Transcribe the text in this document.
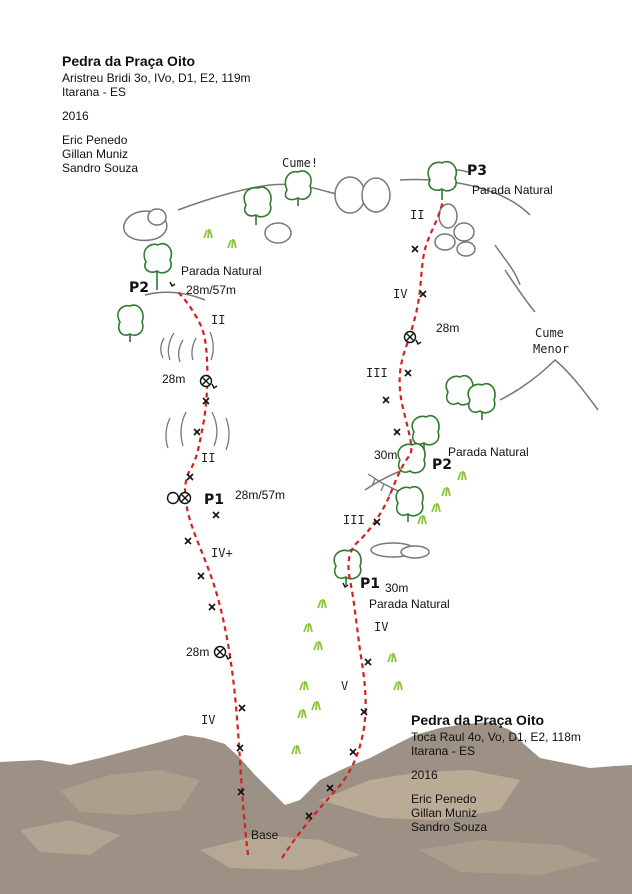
P2
Parada Natural
28m/57m
II
28m
II
P1 28m/57m
IV+
28m
IV
P3
Parada Natural
II
IV
28m
III
30m	Parada Natural
P2
III
P1 30m
Parada Natural
IV
V
Cume!
Cume
Menor
Base
Pedra da Praça Oito
Aristreu Bridi 3o, IVo, D1, E2, 119m
Itarana - ES
2016
Eric Penedo
Gillan Muniz
Sandro Souza
Pedra da Praça Oito
Toca Raul 4o, Vo, D1, E2, 118m
Itarana - ES
2016
Eric Penedo
Gillan Muniz
Sandro Souza
